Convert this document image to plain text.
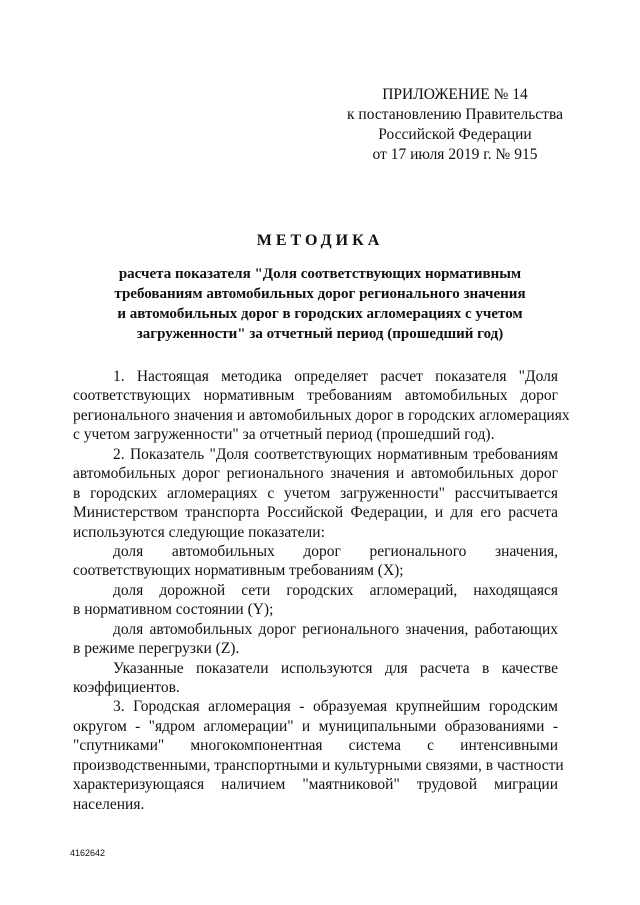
ПРИЛОЖЕНИЕ № 14
к постановлению Правительства
Российской Федерации
от 17 июля 2019 г. № 915
МЕТОДИКА
расчета показателя "Доля соответствующих нормативным
требованиям автомобильных дорог регионального значения
и автомобильных дорог в городских агломерациях с учетом
загруженности" за отчетный период (прошедший год)
1. Настоящая методика определяет расчет показателя "Доля
соответствующих нормативным требованиям автомобильных дорог
регионального значения и автомобильных дорог в городских агломерациях
с учетом загруженности" за отчетный период (прошедший год).
2. Показатель "Доля соответствующих нормативным требованиям
автомобильных дорог регионального значения и автомобильных дорог
в городских агломерациях с учетом загруженности" рассчитывается
Министерством транспорта Российской Федерации, и для его расчета
используются следующие показатели:
доля автомобильных дорог регионального значения,
соответствующих нормативным требованиям (X);
доля дорожной сети городских агломераций, находящаяся
в нормативном состоянии (Y);
доля автомобильных дорог регионального значения, работающих
в режиме перегрузки (Z).
Указанные показатели используются для расчета в качестве
коэффициентов.
3. Городская агломерация - образуемая крупнейшим городским
округом - "ядром агломерации" и муниципальными образованиями -
"спутниками" многокомпонентная система с интенсивными
производственными, транспортными и культурными связями, в частности
характеризующаяся наличием "маятниковой" трудовой миграции
населения.
4162642
